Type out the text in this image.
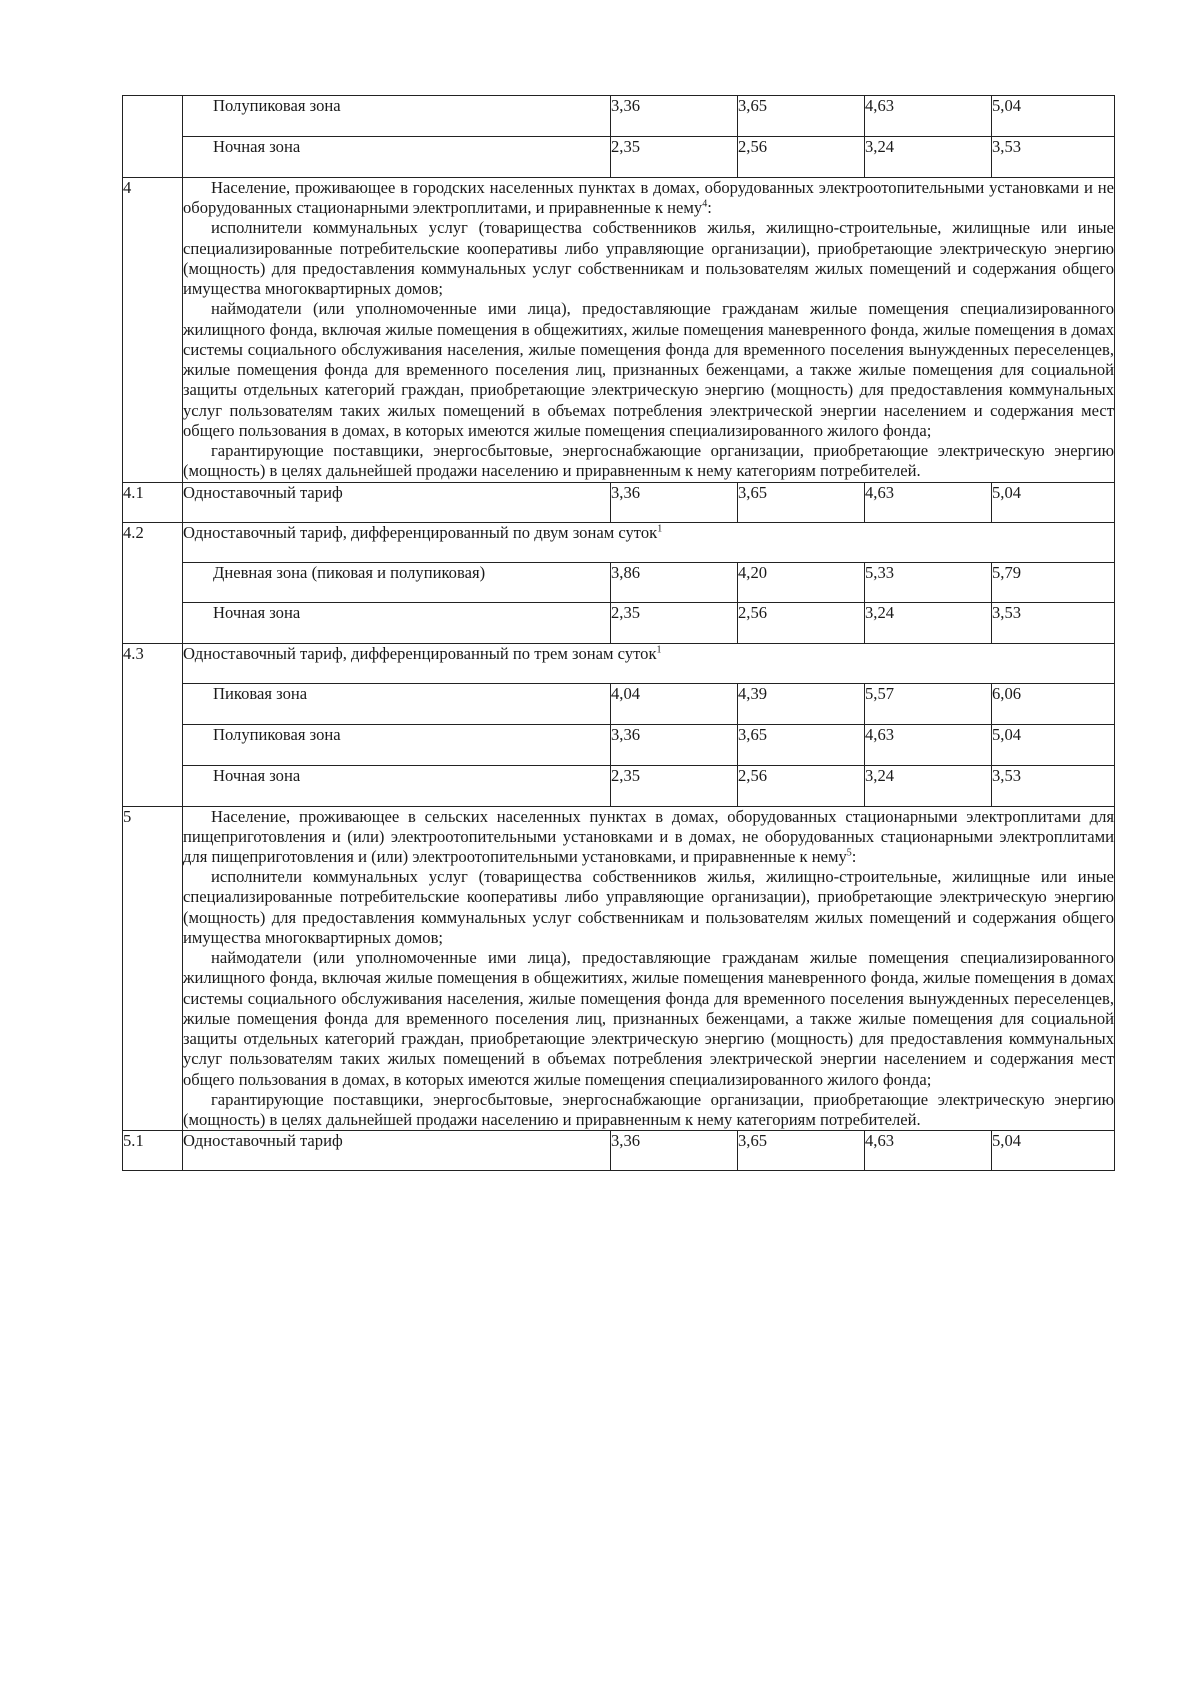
	Полупиковая зона	3,36	3,65	4,63	5,04
	Ночная зона	2,35	2,56	3,24	3,53
4	Население, проживающее в городских населенных пунктах в домах, оборудованных электроотопительными установками и не оборудованных стационарными электроплитами, и приравненные к нему$^4$:

исполнители коммунальных услуг (товарищества собственников жилья, жилищно-строительные, жилищные или иные специализированные потребительские кооперативы либо управляющие организации), приобретающие электрическую энергию (мощность) для предоставления коммунальных услуг собственникам и пользователям жилых помещений и содержания общего имущества многоквартирных домов;

наймодатели (или уполномоченные ими лица), предоставляющие гражданам жилые помещения специализированного жилищного фонда, включая жилые помещения в общежитиях, жилые помещения маневренного фонда, жилые помещения в домах системы социального обслуживания населения, жилые помещения фонда для временного поселения вынужденных переселенцев, жилые помещения фонда для временного поселения лиц, признанных беженцами, а также жилые помещения для социальной защиты отдельных категорий граждан, приобретающие электрическую энергию (мощность) для предоставления коммунальных услуг пользователям таких жилых помещений в объемах потребления электрической энергии населением и содержания мест общего пользования в домах, в которых имеются жилые помещения специализированного жилого фонда;

гарантирующие поставщики, энергосбытовые, энергоснабжающие организации, приобретающие электрическую энергию (мощность) в целях дальнейшей продажи населению и приравненным к нему категориям потребителей.				

4.1	Одноставочный тариф	3,36	3,65	4,63	5,04
4.2	Одноставочный тариф, дифференцированный по двум зонам суток$^1$
	Дневная зона (пиковая и полупиковая)	3,86	4,20	5,33	5,79
	Ночная зона	2,35	2,56	3,24	3,53
4.3	Одноставочный тариф, дифференцированный по трем зонам суток$^1$
	Пиковая зона	4,04	4,39	5,57	6,06
	Полупиковая зона	3,36	3,65	4,63	5,04
	Ночная зона	2,35	2,56	3,24	3,53
5	Население, проживающее в сельских населенных пунктах в домах, оборудованных стационарными электроплитами для пищеприготовления и (или) электроотопительными установками и в домах, не оборудованных стационарными электроплитами для пищеприготовления и (или) электроотопительными установками, и приравненные к нему$^5$:

исполнители коммунальных услуг (товарищества собственников жилья, жилищно-строительные, жилищные или иные специализированные потребительские кооперативы либо управляющие организации), приобретающие электрическую энергию (мощность) для предоставления коммунальных услуг собственникам и пользователям жилых помещений и содержания общего имущества многоквартирных домов;

наймодатели (или уполномоченные ими лица), предоставляющие гражданам жилые помещения специализированного жилищного фонда, включая жилые помещения в общежитиях, жилые помещения маневренного фонда, жилые помещения в домах системы социального обслуживания населения, жилые помещения фонда для временного поселения вынужденных переселенцев, жилые помещения фонда для временного поселения лиц, признанных беженцами, а также жилые помещения для социальной защиты отдельных категорий граждан, приобретающие электрическую энергию (мощность) для предоставления коммунальных услуг пользователям таких жилых помещений в объемах потребления электрической энергии населением и содержания мест общего пользования в домах, в которых имеются жилые помещения специализированного жилого фонда;

гарантирующие поставщики, энергосбытовые, энергоснабжающие организации, приобретающие электрическую энергию (мощность) в целях дальнейшей продажи населению и приравненным к нему категориям потребителей.				

5.1	Одноставочный тариф	3,36	3,65	4,63	5,04
